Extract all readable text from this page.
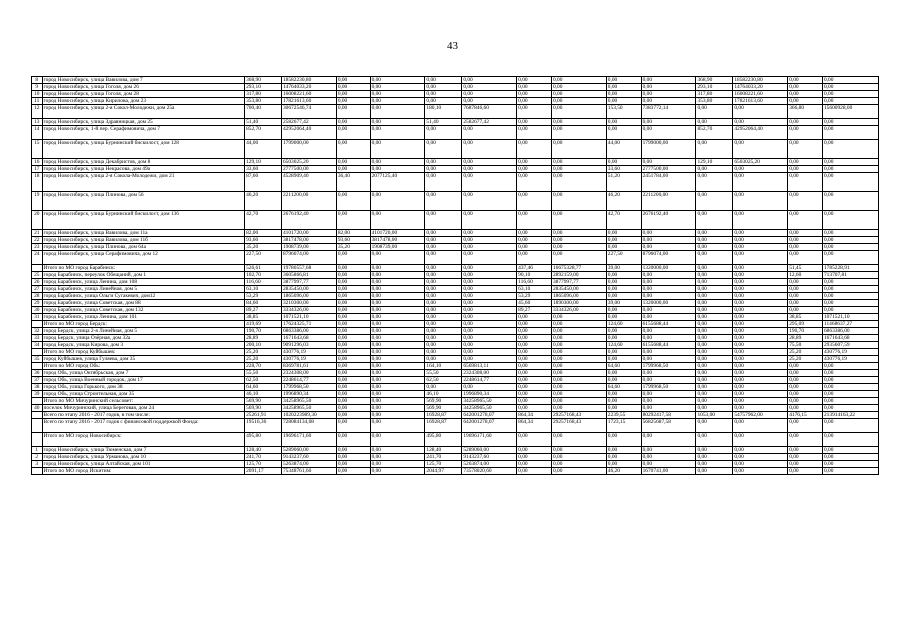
43
8	город Новосибирск, улица Вавилова, дом 7	368,90	18582230,80	0,00	0,00	0,00	0,00	0,00	0,00	0,00	0,00	368,90	18582230,80	0,00	0,00
9	город Новосибирск, улица Гоголя, дом 26	293,10	14764033,20	0,00	0,00	0,00	0,00	0,00	0,00	0,00	0,00	293,10	14764033,20	0,00	0,00
10	город Новосибирск, улица Гоголя, дом 28	317,80	16008221,60	0,00	0,00	0,00	0,00	0,00	0,00	0,00	0,00	317,80	16008221,60	0,00	0,00
11	город Новосибирск, улица Кирилова, дом 23	353,80	17821613,60	0,00	0,00	0,00	0,00	0,00	0,00	0,00	0,00	353,80	17821613,60	0,00	0,00
12	город Новосибирск, улица 2-я Сокол-Молодежи, дом 25а	700,40	30672546,74	0,00	0,00	180,10	7687846,60	0,00	0,00	153,50	7383772,14	0,00	0,00	366,80	15600928,00
13	город Новосибирск, улица Здравницкая, дом 25	51,40	2582677,42	0,00	0,00	51,40	2582677,42	0,00	0,00	0,00	0,00	0,00	0,00	0,00	0,00
14	город Новосибирск, 1-й пер. Серафимовича, дом 7	852,70	42952064,40	0,00	0,00	0,00	0,00	0,00	0,00	0,00	0,00	852,70	42952064,40	0,00	0,00
15	город Новосибирск, улица Бурнинский бискилост, дом 128	44,00	1799000,00	0,00	0,00	0,00	0,00	0,00	0,00	44,00	1799000,00	0,00	0,00	0,00	0,00
16	город Новосибирск, улица Декабристов, дом 8	129,10	6503025,20	0,00	0,00	0,00	0,00	0,00	0,00	0,00	0,00	129,10	6503025,20	0,00	0,00
17	город Новосибирск, улица Некрасова, дом 49а	33,60	2777500,00	0,00	0,00	0,00	0,00	0,00	0,00	33,60	2777500,00	0,00	0,00	0,00	0,00
18	город Новосибирск, улица 2-я Сокола-Молодежи, дом 21	87,60	4528909,40	36,40	2077125,40	0,00	0,00	0,00	0,00	51,20	2451784,00	0,00	0,00	0,00	0,00
19	город Новосибирск, улица Плинова, дом 56	46,20	2211200,00	0,00	0,00	0,00	0,00	0,00	0,00	46,20	2211200,00	0,00	0,00	0,00	0,00
20	город Новосибирск, улица Бурнинский бискилост, дом 136	42,70	2676192,40	0,00	0,00	0,00	0,00	0,00	0,00	42,70	2676192,40	0,00	0,00	0,00	0,00
21	город Новосибирск, улица Вавилова, дом 11а	82,00	4101720,00	82,00	4101720,00	0,00	0,00	0,00	0,00	0,00	0,00	0,00	0,00	0,00	0,00
22	город Новосибирск, улица Вавилова, дом 11б	93,60	3817478,00	93,60	3817478,00	0,00	0,00	0,00	0,00	0,00	0,00	0,00	0,00	0,00	0,00
23	город Новосибирск, улица Плинова, дом 64а	35,20	1908739,00	35,20	1908739,00	0,00	0,00	0,00	0,00	0,00	0,00	0,00	0,00	0,00	0,00
24	город Новосибирск, улица Серафимовича, дом 12	227,50	8796074,00	0,00	0,00	0,00	0,00	0,00	0,00	227,50	8796074,00	0,00	0,00	0,00	0,00
	Итого по МО город Барабинск:	526,61	19780557,68	0,00	0,00	0,00	0,00	437,46	16675328,77	39,00	1320000,00	0,00	0,00	51,45	1785228,91
25	город Барабинск, переулок Обещаний, дом 1	102,70	3605866,81	0,00	0,00	0,00	0,00	90,10	2892159,00	0,00	0,00	0,00	0,00	12,60	713707,81
26	город Барабинск, улица Ленина, дом 108	116,60	3877997,77	0,00	0,00	0,00	0,00	116,60	3877997,77	0,00	0,00	0,00	0,00	0,00	0,00
27	город Барабинск, улица Линейная, дом 5	63,10	2835450,00	0,00	0,00	0,00	0,00	63,10	2835450,00	0,00	0,00	0,00	0,00	0,00	0,00
28	город Барабинск, улица Ольги Сугакевич, дом12	53,29	1865096,00	0,00	0,00	0,00	0,00	53,29	1865096,00	0,00	0,00	0,00	0,00	0,00	0,00
29	город Барабинск, улица Советская, дом 88	84,60	3210300,00	0,00	0,00	0,00	0,00	45,60	1890300,00	39,00	1320000,00	0,00	0,00	0,00	0,00
30	город Барабинск, улица Советская, дом 132	89,27	3334326,00	0,00	0,00	0,00	0,00	89,27	3334326,00	0,00	0,00	0,00	0,00	0,00	0,00
31	город Барабинск, улица Ленина, дом 101	38,85	1071521,10	0,00	0,00	0,00	0,00	0,00	0,00	0,00	0,00	0,00	0,00	38,85	1071521,10
	Итого по МО город Бердск:	419,69	17624325,71	0,00	0,00	0,00	0,00	0,00	0,00	124,60	6155688,44	0,00	0,00	295,09	11468637,27
32	город Бердск, улица 2-я Линейная, дом 5	190,70	6863386,00	0,00	0,00	0,00	0,00	0,00	0,00	0,00	0,00	0,00	0,00	190,70	6863386,00
33	город Бердск, улица Озёрная, дом 32а	28,89	1671643,68	0,00	0,00	0,00	0,00	0,00	0,00	0,00	0,00	0,00	0,00	28,89	1671643,68
34	город Бердск, улица Кирова, дом 3	200,10	9091296,03	0,00	0,00	0,00	0,00	0,00	0,00	124,60	6155688,44	0,00	0,00	75,50	2935607,59
	Итого по МО город Куйбышев:	25,20	430776,19	0,00	0,00	0,00	0,00	0,00	0,00	0,00	0,00	0,00	0,00	25,20	430776,19
35	город Куйбышев, улица Гуляева, дом 35	25,20	430776,19	0,00	0,00	0,00	0,00	0,00	0,00	0,00	0,00	0,00	0,00	25,20	430776,19
	Итого по МО город Обь:	228,70	8369781,61	0,00	0,00	164,10	6569813,11	0,00	0,00	64,60	1799968,50	0,00	0,00	0,00	0,00
36	город Обь, улица Октябрьская, дом 7	55,50	2324308,00	0,00	0,00	55,50	2324308,00	0,00	0,00	0,00	0,00	0,00	0,00	0,00	0,00
37	город Обь, улица Военный городок, дом 17	62,50	2248614,77	0,00	0,00	62,50	2248614,77	0,00	0,00	0,00	0,00	0,00	0,00	0,00	0,00
38	город Обь, улица Горького, дом 38	64,60	1799968,50	0,00	0,00	0,00	0,00	0,00	0,00	64,60	1799968,50	0,00	0,00	0,00	0,00
39	город Обь, улица Строительная, дом 35	46,10	1996890,34	0,00	0,00	46,10	1996890,34	0,00	0,00	0,00	0,00	0,00	0,00	0,00	0,00
	Итого по МО Мичуринский сельсовет:	569,90	34258965,50	0,00	0,00	569,90	34258965,50	0,00	0,00	0,00	0,00	0,00	0,00	0,00	0,00
40	поселок Мичуринский, улица Береговая, дом 24	569,90	34258965,50	0,00	0,00	569,90	34258965,50	0,00	0,00	0,00	0,00	0,00	0,00	0,00	0,00
	Всего по этапу 2016 - 2017 годов, в том числе:	25261,91	1020223989,30	0,00	0,00	16928,87	642001278,07	864,34	29257168,43	2239,55	80292417,58	1053,00	54757962,00	4176,15	213914163,22
	Всего по этапу 2016 - 2017 годов с финансовой поддержкой Фонда:	19516,36	728084134,08	0,00	0,00	16928,87	642001278,07	864,34	29257168,43	1723,15	56825687,58	0,00	0,00	0,00	0,00
	Итого по МО город Новосибирск:	495,80	19696171,60	0,00	0,00	495,80	19696171,60	0,00	0,00	0,00	0,00	0,00	0,00	0,00	0,00
1	город Новосибирск, улица Тюменская, дом 7	128,40	5289060,00	0,00	0,00	128,40	5289060,00	0,00	0,00	0,00	0,00	0,00	0,00	0,00	0,00
2	город Новосибирск, улица Урманова, дом 10	241,70	9143237,60	0,00	0,00	241,70	9143237,60	0,00	0,00	0,00	0,00	0,00	0,00	0,00	0,00
3	город Новосибирск, улица Алтайская, дом 101	125,70	5263874,00	0,00	0,00	125,70	5263874,00	0,00	0,00	0,00	0,00	0,00	0,00	0,00	0,00
	Итого по МО город Искитим:	2091,17	75348761,60	0,00	0,00	2044,97	73578020,60	0,00	0,00	46,20	1670741,00	0,00	0,00	0,00	0,00
